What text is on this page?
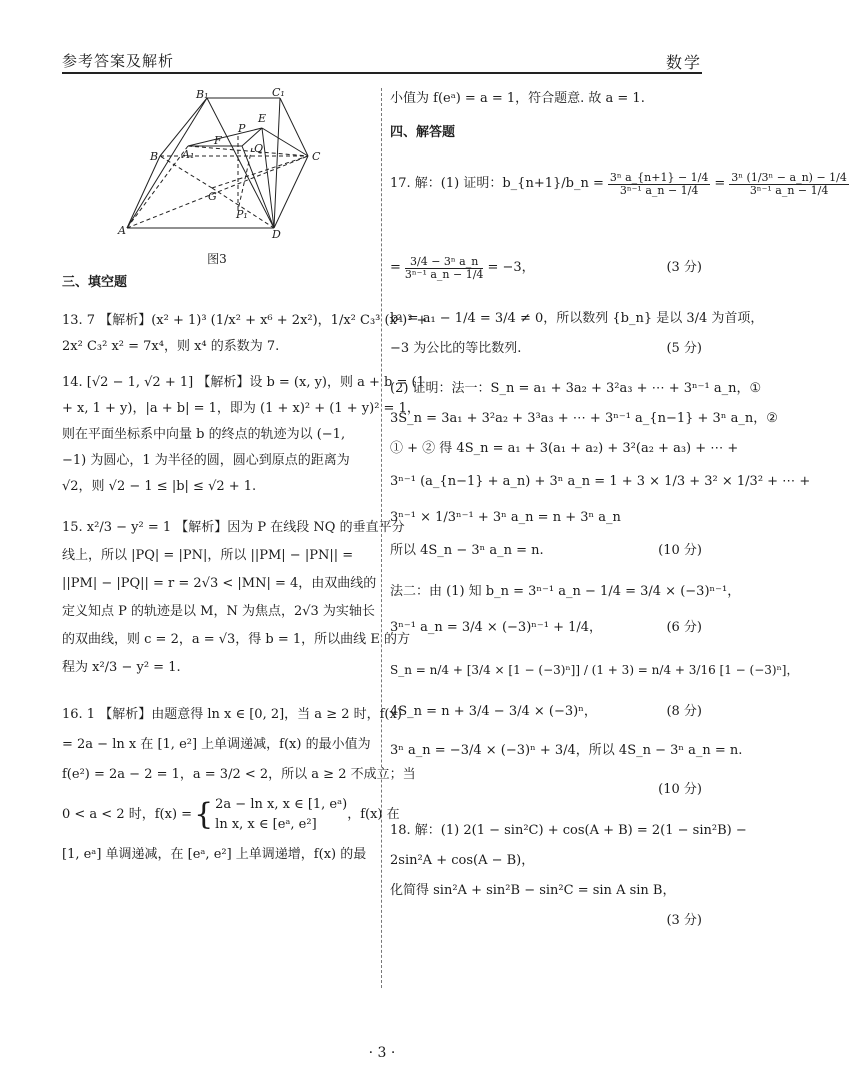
参考答案及解析	数学
B₁	C₁
E
P
F
B A₁	Q
C
G
P₁
A	D
图3
三、填空题
13. 7 【解析】(x² + 1)³ (1/x² + x⁶ + 2x²)，1/x² C₃³ (x²)³ +
2x² C₃² x² = 7x⁴，则 x⁴ 的系数为 7.
14. [√2 − 1, √2 + 1] 【解析】设 b = (x, y)，则 a + b = (1
+ x, 1 + y)，|a + b| = 1，即为 (1 + x)² + (1 + y)² = 1，
则在平面坐标系中向量 b 的终点的轨迹为以 (−1,
−1) 为圆心，1 为半径的圆，圆心到原点的距离为
√2，则 √2 − 1 ≤ |b| ≤ √2 + 1.
15. x²/3 − y² = 1 【解析】因为 P 在线段 NQ 的垂直平分
线上，所以 |PQ| = |PN|，所以 ||PM| − |PN|| =
||PM| − |PQ|| = r = 2√3 < |MN| = 4，由双曲线的
定义知点 P 的轨迹是以 M，N 为焦点，2√3 为实轴长
的双曲线，则 c = 2，a = √3，得 b = 1，所以曲线 E 的方
程为 x²/3 − y² = 1.
16. 1 【解析】由题意得 ln x ∈ [0, 2]，当 a ≥ 2 时，f(x)
= 2a − ln x 在 [1, e²] 上单调递减，f(x) 的最小值为
f(e²) = 2a − 2 = 1，a = 3/2 < 2，所以 a ≥ 2 不成立；当
0 < a < 2 时，f(x) = { 2a − ln x, x ∈ [1, eᵃ)
ln x, x ∈ [eᵃ, e²]
，f(x) 在
[1, eᵃ] 单调递减，在 [eᵃ, e²] 上单调递增，f(x) 的最
小值为 f(eᵃ) = a = 1，符合题意. 故 a = 1.
四、解答题
17. 解：(1) 证明：b_{n+1}/b_n = $\frac{\text{3ⁿ a\_\{n+1\} − 1/4}}{\text{3ⁿ⁻¹ a\_n − 1/4}} = \frac{\text{3ⁿ (1/3ⁿ − a\_n) − 1/4}}{\text{3ⁿ⁻¹ a\_n − 1/4}}$
= $\frac{\text{3/4 − 3ⁿ a\_n}}{\text{3ⁿ⁻¹ a\_n − 1/4}} = -3$，	(3 分)
b₁ = a₁ − 1/4 = 3/4 ≠ 0，所以数列 {b_n} 是以 3/4 为首项，
−3 为公比的等比数列.	(5 分)
(2) 证明：法一：S_n = a₁ + 3a₂ + 3²a₃ + ⋯ + 3ⁿ⁻¹ a_n，①
3S_n = 3a₁ + 3²a₂ + 3³a₃ + ⋯ + 3ⁿ⁻¹ a_{n−1} + 3ⁿ a_n，②
① + ② 得 4S_n = a₁ + 3(a₁ + a₂) + 3²(a₂ + a₃) + ⋯ +
3ⁿ⁻¹ (a_{n−1} + a_n) + 3ⁿ a_n = 1 + 3 × 1/3 + 3² × 1/3² + ⋯ +
3ⁿ⁻¹ × 1/3ⁿ⁻¹ + 3ⁿ a_n = n + 3ⁿ a_n
所以 4S_n − 3ⁿ a_n = n.	(10 分)
法二：由 (1) 知 b_n = 3ⁿ⁻¹ a_n − 1/4 = 3/4 × (−3)ⁿ⁻¹，
3ⁿ⁻¹ a_n = 3/4 × (−3)ⁿ⁻¹ + 1/4，	(6 分)
S_n = n/4 + [3/4 × [1 − (−3)ⁿ]] / (1 + 3) = n/4 + 3/16 [1 − (−3)ⁿ]，
4S_n = n + 3/4 − 3/4 × (−3)ⁿ，	(8 分)
3ⁿ a_n = −3/4 × (−3)ⁿ + 3/4，所以 4S_n − 3ⁿ a_n = n.
(10 分)
18. 解：(1) 2(1 − sin²C) + cos(A + B) = 2(1 − sin²B) −
2sin²A + cos(A − B)，
化简得 sin²A + sin²B − sin²C = sin A sin B，
(3 分)
· 3 ·
